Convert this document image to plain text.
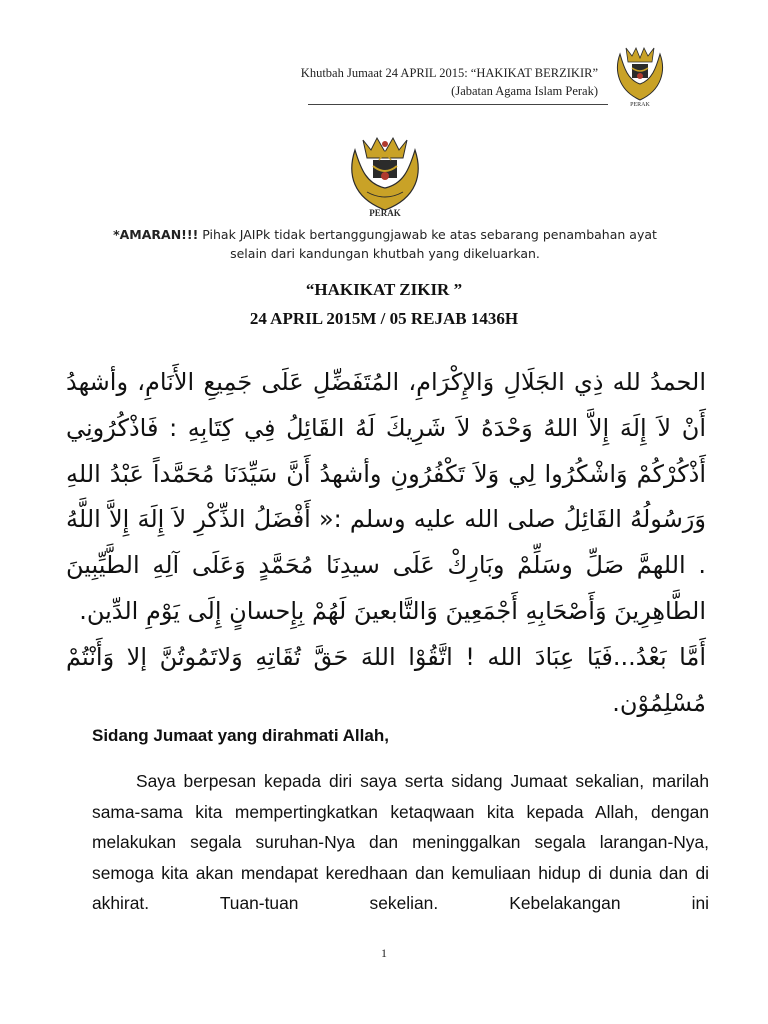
Khutbah Jumaat 24 APRIL 2015: “HAKIKAT BERZIKIR”
(Jabatan Agama Islam Perak)
PERAK
PERAK
*AMARAN!!! Pihak JAIPk tidak bertanggungjawab ke atas sebarang penambahan ayat selain dari kandungan khutbah yang dikeluarkan.
“HAKIKAT ZIKIR ”
24 APRIL 2015M / 05 REJAB 1436H

الحمدُ لله ذِي الجَلَالِ وَالإِكْرَامِ، المُتَفَضِّلِ عَلَى جَمِيعِ الأَنَامِ، وأشهدُ أَنْ لاَ إِلَهَ إِلاَّ اللهُ وَحْدَهُ لاَ شَرِيكَ لَهُ القَائِلُ فِي كِتَابِهِ : فَاذْكُرُونِي أَذْكُرْكُمْ وَاشْكُرُوا لِي وَلاَ تَكْفُرُونِ وأشهدُ أَنَّ سَيِّدَنَا مُحَمَّداً عَبْدُ اللهِ وَرَسُولُهُ القَائِلُ صلى الله عليه وسلم :« أَفْضَلُ الذِّكْرِ لاَ إِلَهَ إِلاَّ اللَّهُ . اللهمَّ صَلِّ وسَلِّمْ وبَارِكْ عَلَى سيدِنَا مُحَمَّدٍ وَعَلَى آلِهِ الطَّيِّبِينَ الطَّاهِرِينَ وَأَصْحَابِهِ أَجْمَعِينَ وَالتَّابعينَ لَهُمْ بِإِحسانٍ إِلَى يَوْمِ الدِّين.

أَمَّا بَعْدُ...فَيَا عِبَادَ الله ! اتَّقُوْا اللهَ حَقَّ تُقَاتِهِ وَلاتَمُوتُنَّ إلا وَأَنْتُمْ مُسْلِمُوْن.

Sidang Jumaat yang dirahmati Allah,

Saya berpesan kepada diri saya serta sidang Jumaat sekalian, marilah sama-sama kita mempertingkatkan ketaqwaan kita kepada Allah, dengan melakukan segala suruhan-Nya dan meninggalkan segala larangan-Nya, semoga kita akan mendapat keredhaan dan kemuliaan hidup di dunia dan di akhirat. Tuan-tuan sekelian. Kebelakangan ini

1
